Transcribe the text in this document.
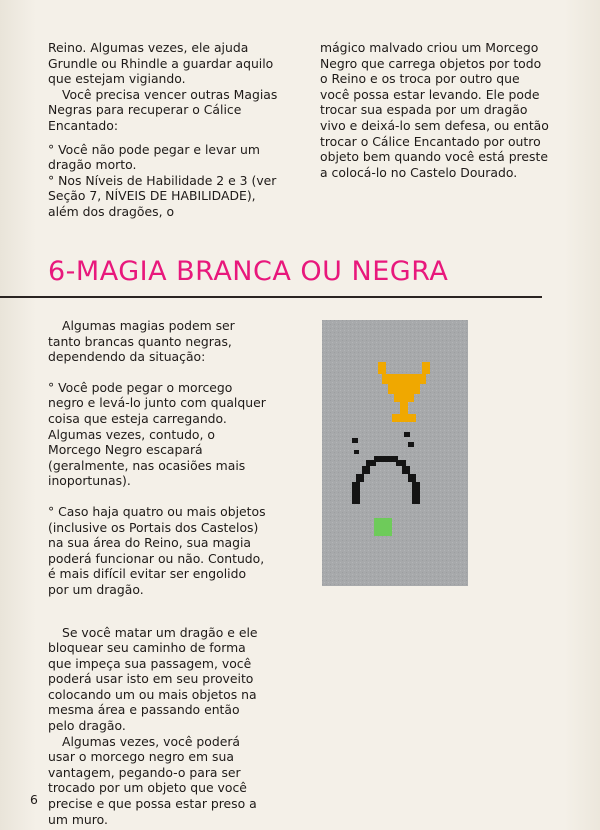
Reino. Algumas vezes, ele ajuda Grundle ou Rhindle a guardar aquilo que estejam vigiando.

Você precisa vencer outras Magias Negras para recuperar o Cálice Encantado:

° Você não pode pegar e levar um dragão morto.

° Nos Níveis de Habilidade 2 e 3 (ver Seção 7, NÍVEIS DE HABILIDADE), além dos dragões, o

mágico malvado criou um Morcego Negro que carrega objetos por todo o Reino e os troca por outro que você possa estar levando. Ele pode trocar sua espada por um dragão vivo e deixá-lo sem defesa, ou então trocar o Cálice Encantado por outro objeto bem quando você está preste a colocá-lo no Castelo Dourado.

6-MAGIA BRANCA OU NEGRA

Algumas magias podem ser tanto brancas quanto negras, dependendo da situação:

° Você pode pegar o morcego negro e levá-lo junto com qualquer coisa que esteja carregando. Algumas vezes, contudo, o Morcego Negro escapará (geralmente, nas ocasiões mais inoportunas).

° Caso haja quatro ou mais objetos (inclusive os Portais dos Castelos) na sua área do Reino, sua magia poderá funcionar ou não. Contudo, é mais difícil evitar ser engolido por um dragão.

Se você matar um dragão e ele bloquear seu caminho de forma que impeça sua passagem, você poderá usar isto em seu proveito colocando um ou mais objetos na mesma área e passando então pelo dragão.

Algumas vezes, você poderá usar o morcego negro em sua vantagem, pegando-o para ser trocado por um objeto que você precise e que possa estar preso a um muro.

6
